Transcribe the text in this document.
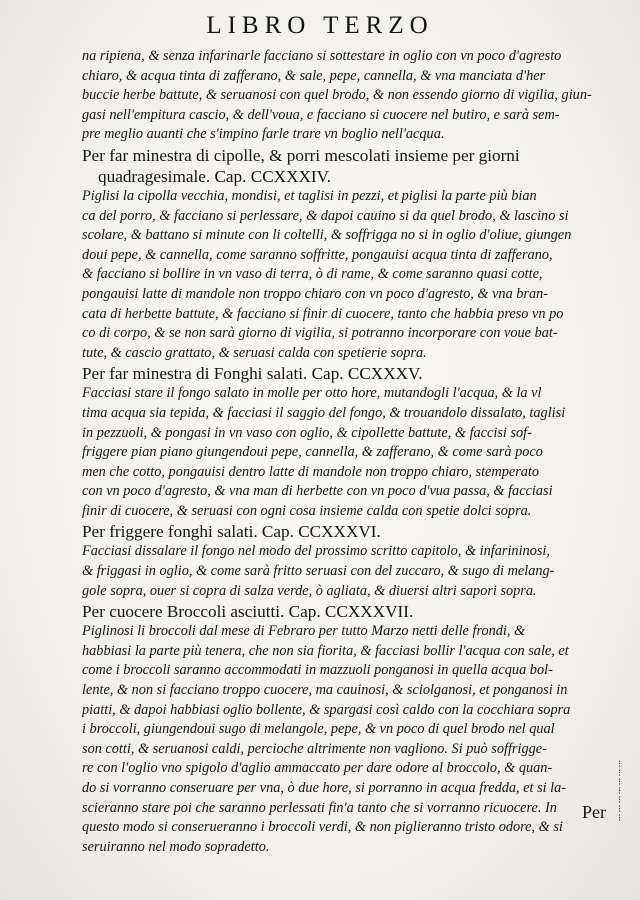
LIBRO TERZO
na ripiena, & senza infarinarle facciano si sottestare in oglio con vn poco d'agresto
chiaro, & acqua tinta di zafferano, & sale, pepe, cannella, & vna manciata d'her
buccie herbe battute, & seruanosi con quel brodo, & non essendo giorno di vigilia, giun-
gasi nell'empitura cascio, & dell'voua, e facciano si cuocere nel butiro, e sarà sem-
pre meglio auanti che s'impino farle trare vn boglio nell'acqua.
Per far minestra di cipolle, & porri mescolati insieme per giorni
quadragesimale. Cap. CCXXXIV.
Piglisi la cipolla vecchia, mondisi, et taglisi in pezzi, et piglisi la parte più bian
ca del porro, & facciano si perlessare, & dapoi cauino si da quel brodo, & lascino si
scolare, & battano si minute con li coltelli, & soffrigga no si in oglio d'oliue, giungen
doui pepe, & cannella, come saranno soffritte, pongauisi acqua tinta di zafferano,
& facciano si bollire in vn vaso di terra, ò di rame, & come saranno quasi cotte,
pongauisi latte di mandole non troppo chiaro con vn poco d'agresto, & vna bran-
cata di herbette battute, & facciano si finir di cuocere, tanto che habbia preso vn po
co di corpo, & se non sarà giorno di vigilia, si potranno incorporare con voue bat-
tute, & cascio grattato, & seruasi calda con spetierie sopra.
Per far minestra di Fonghi salati. Cap. CCXXXV.
Facciasi stare il fongo salato in molle per otto hore, mutandogli l'acqua, & la vl
tima acqua sia tepida, & facciasi il saggio del fongo, & trouandolo dissalato, taglisi
in pezzuoli, & pongasi in vn vaso con oglio, & cipollette battute, & faccisi sof-
friggere pian piano giungendoui pepe, cannella, & zafferano, & come sarà poco
men che cotto, pongauisi dentro latte di mandole non troppo chiaro, stemperato
con vn poco d'agresto, & vna man di herbette con vn poco d'vua passa, & facciasi
finir di cuocere, & seruasi con ogni cosa insieme calda con spetie dolci sopra.
Per friggere fonghi salati. Cap. CCXXXVI.
Facciasi dissalare il fongo nel modo del prossimo scritto capitolo, & infarininosi,
& friggasi in oglio, & come sarà fritto seruasi con del zuccaro, & sugo di melang-
gole sopra, ouer si copra di salza verde, ò agliata, & diuersi altri sapori sopra.
Per cuocere Broccoli asciutti. Cap. CCXXXVII.
Piglinosi li broccoli dal mese di Febraro per tutto Marzo netti delle frondi, &
habbiasi la parte più tenera, che non sia fiorita, & facciasi bollir l'acqua con sale, et
come i broccoli saranno accommodati in mazzuoli ponganosi in quella acqua bol-
lente, & non si facciano troppo cuocere, ma cauinosi, & sciolganosi, et ponganosi in
piatti, & dapoi habbiasi oglio bollente, & spargasi così caldo con la cocchiara sopra
i broccoli, giungendoui sugo di melangole, pepe, & vn poco di quel brodo nel qual
son cotti, & seruanosi caldi, percioche altrimente non vagliono. Si può soffrigge-
re con l'oglio vno spigolo d'aglio ammaccato per dare odore al broccolo, & quan-
do si vorranno conseruare per vna, ò due hore, si porranno in acqua fredda, et si la-
scieranno stare poi che saranno perlessati fin'a tanto che si vorranno ricuocere. In
questo modo si conserueranno i broccoli verdi, & non piglieranno tristo odore, & si
seruiranno nel modo sopradetto.
⁝
⁝
⁝
⁝
⁝
⁝
⁝
Per
